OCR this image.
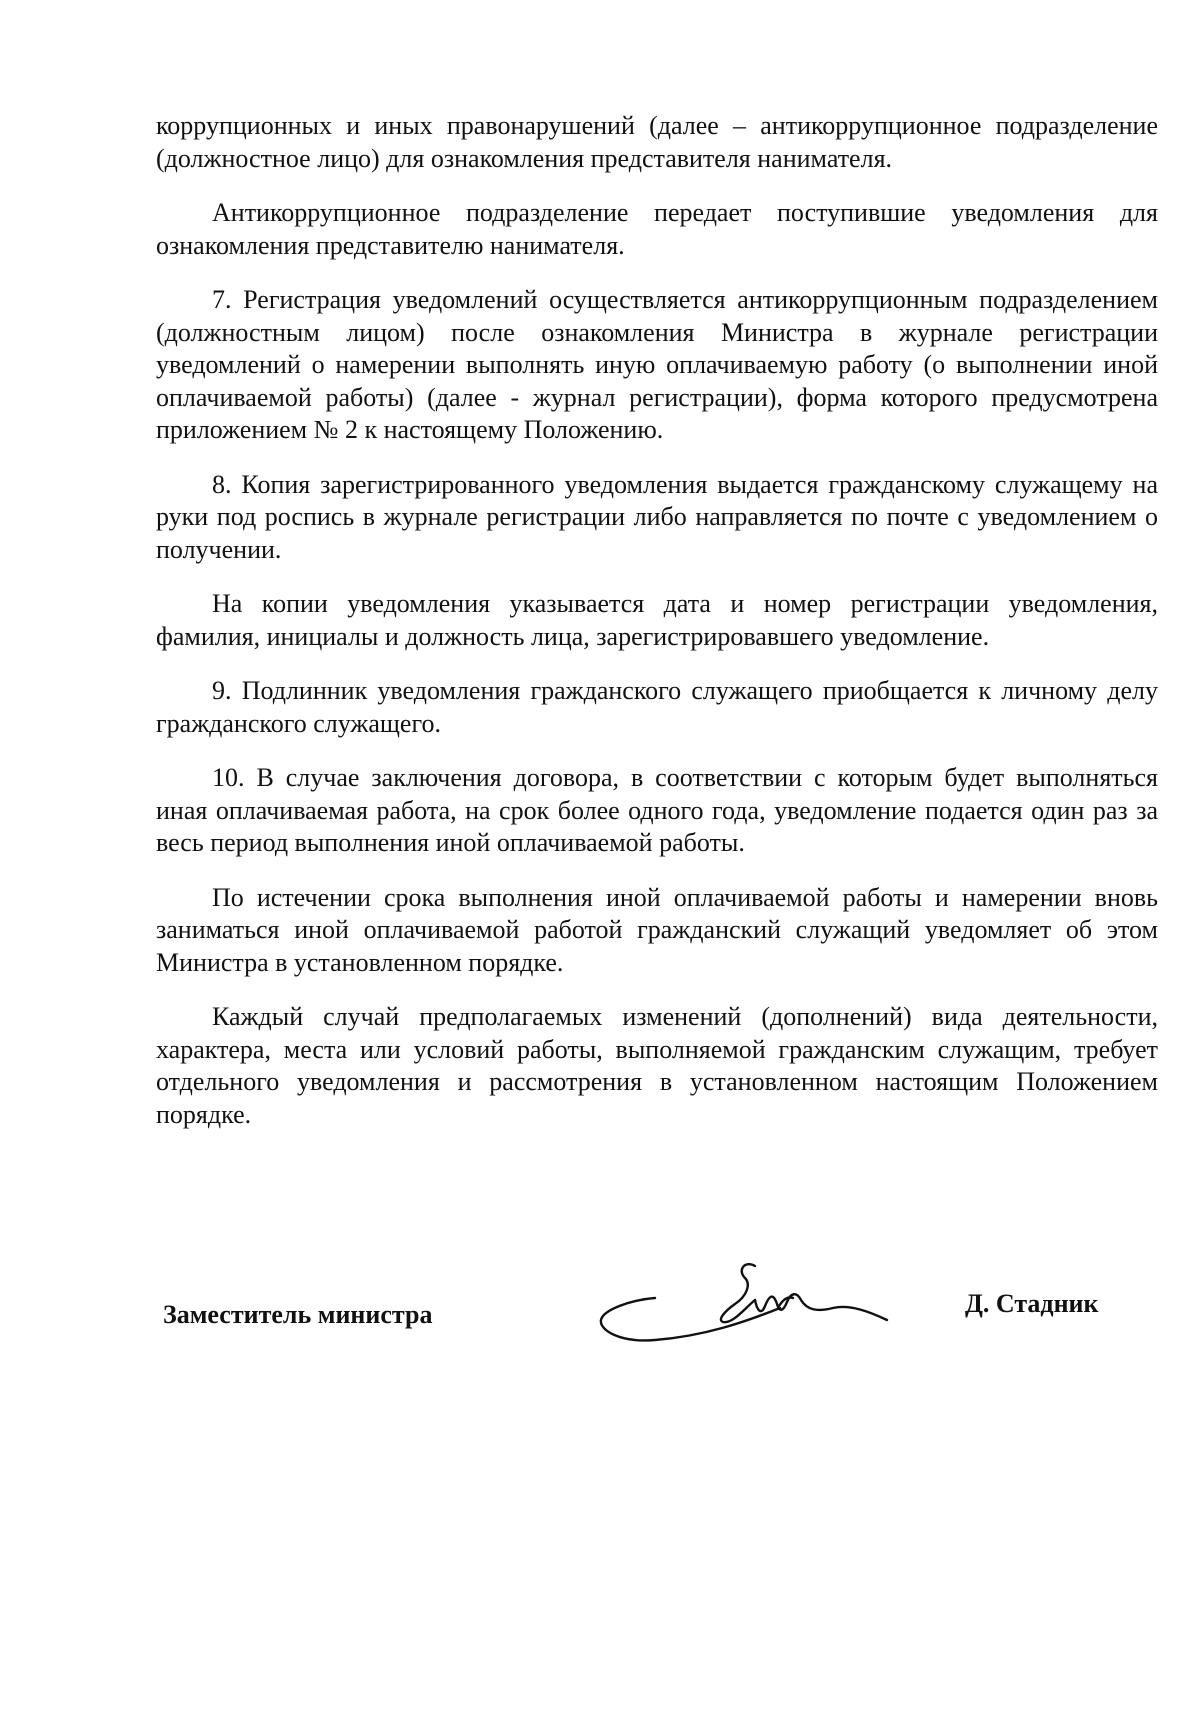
коррупционных и иных правонарушений (далее – антикоррупционное подразделение (должностное лицо) для ознакомления представителя нанимателя.

Антикоррупционное подразделение передает поступившие уведомления для ознакомления представителю нанимателя.

7. Регистрация уведомлений осуществляется антикоррупционным подразделением (должностным лицом) после ознакомления Министра в журнале регистрации уведомлений о намерении выполнять иную оплачиваемую работу (о выполнении иной оплачиваемой работы) (далее - журнал регистрации), форма которого предусмотрена приложением № 2 к настоящему Положению.

8. Копия зарегистрированного уведомления выдается гражданскому служащему на руки под роспись в журнале регистрации либо направляется по почте с уведомлением о получении.

На копии уведомления указывается дата и номер регистрации уведомления, фамилия, инициалы и должность лица, зарегистрировавшего уведомление.

9. Подлинник уведомления гражданского служащего приобщается к личному делу гражданского служащего.

10. В случае заключения договора, в соответствии с которым будет выполняться иная оплачиваемая работа, на срок более одного года, уведомление подается один раз за весь период выполнения иной оплачиваемой работы.

По истечении срока выполнения иной оплачиваемой работы и намерении вновь заниматься иной оплачиваемой работой гражданский служащий уведомляет об этом Министра в установленном порядке.

Каждый случай предполагаемых изменений (дополнений) вида деятельности, характера, места или условий работы, выполняемой гражданским служащим, требует отдельного уведомления и рассмотрения в установленном настоящим Положением порядке.

Заместитель министра	Д. Стадник
